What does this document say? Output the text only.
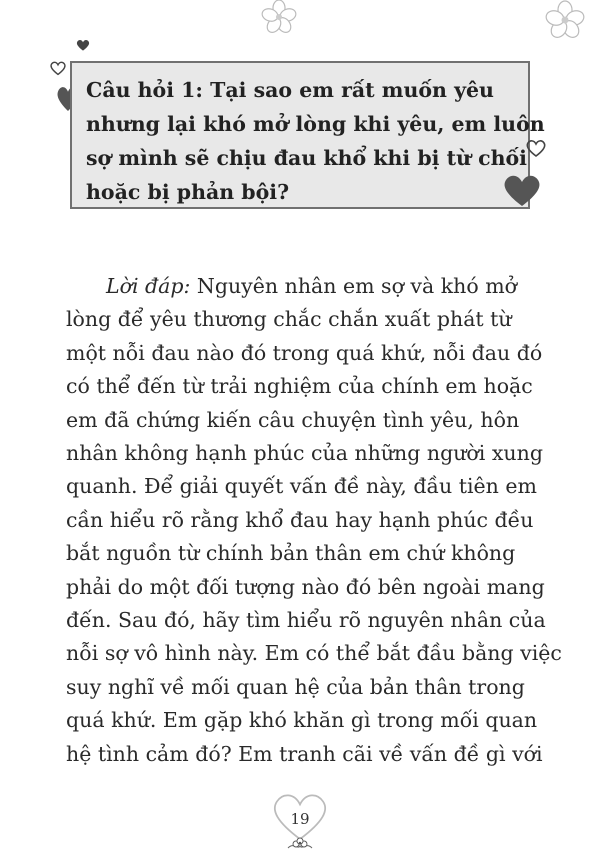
Câu hỏi 1: Tại sao em rất muốn yêu
nhưng lại khó mở lòng khi yêu, em luôn
sợ mình sẽ chịu đau khổ khi bị từ chối
hoặc bị phản bội?
Lời đáp: Nguyên nhân em sợ và khó mở
lòng để yêu thương chắc chắn xuất phát từ
một nỗi đau nào đó trong quá khứ, nỗi đau đó
có thể đến từ trải nghiệm của chính em hoặc
em đã chứng kiến câu chuyện tình yêu, hôn
nhân không hạnh phúc của những người xung
quanh. Để giải quyết vấn đề này, đầu tiên em
cần hiểu rõ rằng khổ đau hay hạnh phúc đều
bắt nguồn từ chính bản thân em chứ không
phải do một đối tượng nào đó bên ngoài mang
đến. Sau đó, hãy tìm hiểu rõ nguyên nhân của
nỗi sợ vô hình này. Em có thể bắt đầu bằng việc
suy nghĩ về mối quan hệ của bản thân trong
quá khứ. Em gặp khó khăn gì trong mối quan
hệ tình cảm đó? Em tranh cãi về vấn đề gì với
19
